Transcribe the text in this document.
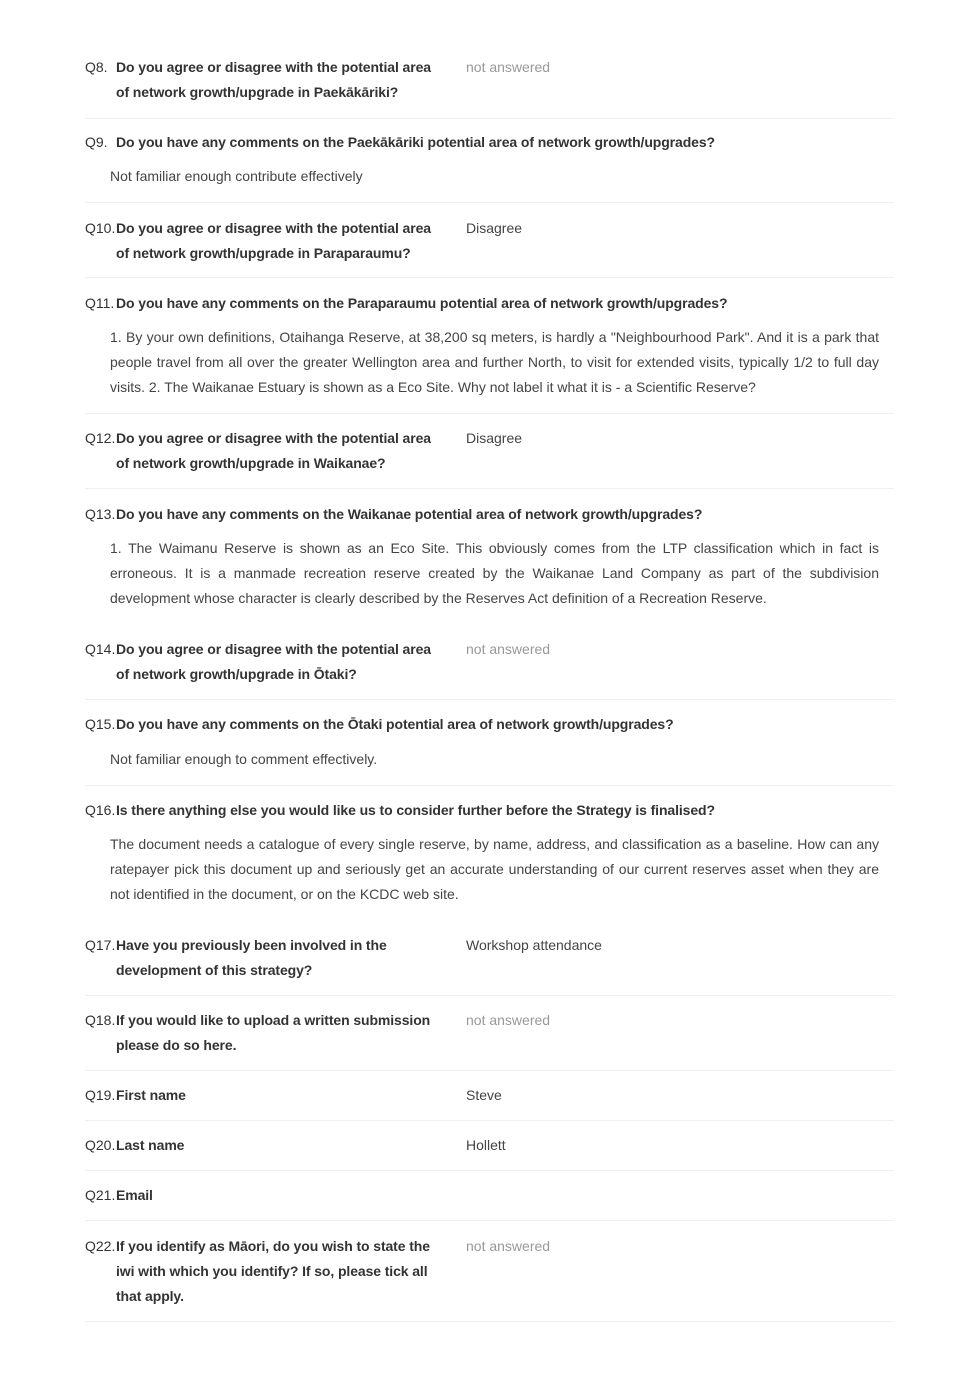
Q8. Do you agree or disagree with the potential area of network growth/upgrade in Paekākāriki?
not answered
Q9. Do you have any comments on the Paekākāriki potential area of network growth/upgrades?
Not familiar enough contribute effectively
Q10. Do you agree or disagree with the potential area of network growth/upgrade in Paraparaumu?
Disagree
Q11. Do you have any comments on the Paraparaumu potential area of network growth/upgrades?
1. By your own definitions, Otaihanga Reserve, at 38,200 sq meters, is hardly a "Neighbourhood Park". And it is a park that people travel from all over the greater Wellington area and further North, to visit for extended visits, typically 1/2 to full day visits. 2. The Waikanae Estuary is shown as a Eco Site. Why not label it what it is - a Scientific Reserve?
Q12. Do you agree or disagree with the potential area of network growth/upgrade in Waikanae?
Disagree
Q13. Do you have any comments on the Waikanae potential area of network growth/upgrades?
1. The Waimanu Reserve is shown as an Eco Site. This obviously comes from the LTP classification which in fact is erroneous. It is a manmade recreation reserve created by the Waikanae Land Company as part of the subdivision development whose character is clearly described by the Reserves Act definition of a Recreation Reserve.
Q14. Do you agree or disagree with the potential area of network growth/upgrade in Ōtaki?
not answered
Q15. Do you have any comments on the Ōtaki potential area of network growth/upgrades?
Not familiar enough to comment effectively.
Q16. Is there anything else you would like us to consider further before the Strategy is finalised?
The document needs a catalogue of every single reserve, by name, address, and classification as a baseline. How can any ratepayer pick this document up and seriously get an accurate understanding of our current reserves asset when they are not identified in the document, or on the KCDC web site.
Q17. Have you previously been involved in the development of this strategy?
Workshop attendance
Q18. If you would like to upload a written submission please do so here.
not answered
Q19. First name	Steve
Q20. Last name	Hollett
Q21. Email
Q22. If you identify as Māori, do you wish to state the iwi with which you identify? If so, please tick all that apply.
not answered
